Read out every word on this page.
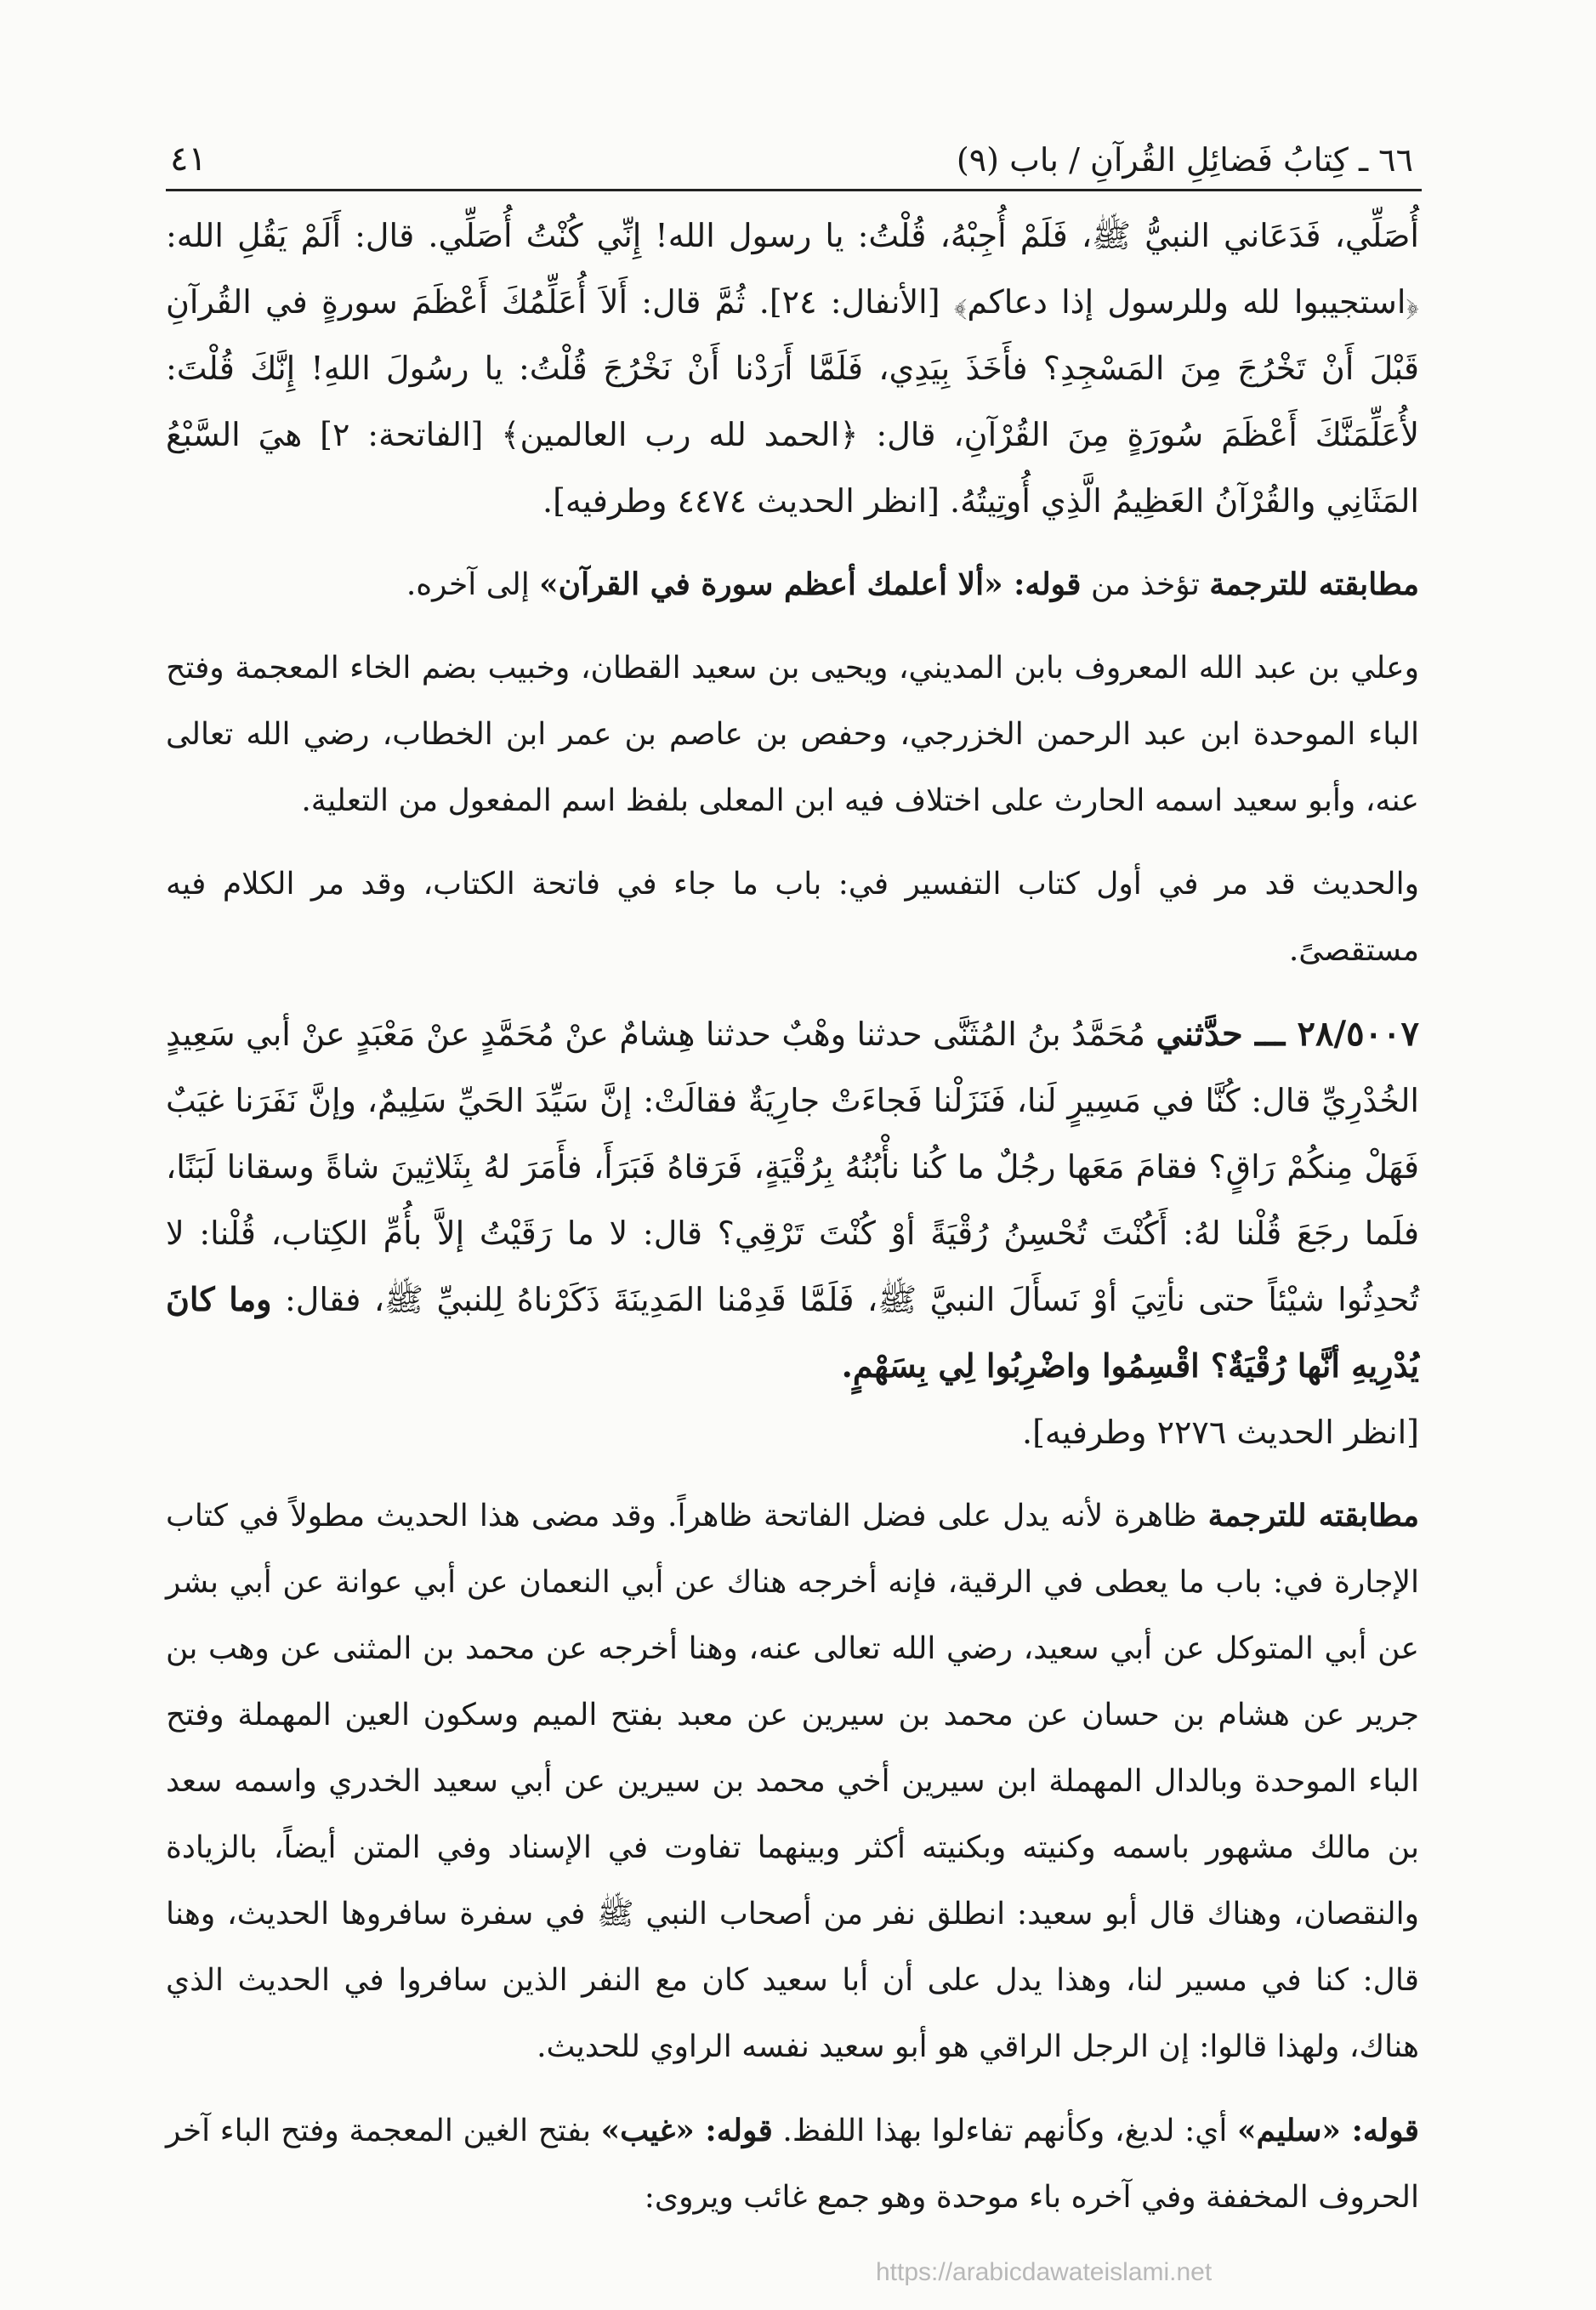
٦٦ ـ كِتابُ فَضائِلِ القُرآنِ / باب (٩)
٤١

أُصَلِّي، فَدَعَاني النبيُّ ﷺ، فَلَمْ أُجِبْهُ، قُلْتُ: يا رسول الله! إِنِّي كُنْتُ أُصَلِّي. قال: أَلَمْ يَقُلِ الله: ﴿استجيبوا لله وللرسول إذا دعاكم﴾ [الأنفال: ٢٤]. ثُمَّ قال: أَلاَ أُعَلِّمُكَ أَعْظَمَ سورةٍ في القُرآنِ قَبْلَ أَنْ تَخْرُجَ مِنَ المَسْجِدِ؟ فأَخَذَ بِيَدِي، فَلَمَّا أَرَدْنا أَنْ نَخْرُجَ قُلْتُ: يا رسُولَ اللهِ! إِنَّكَ قُلْتَ: لأُعَلِّمَنَّكَ أَعْظَمَ سُورَةٍ مِنَ القُرْآنِ، قال: ﴿الحمد لله رب العالمين﴾ [الفاتحة: ٢] هيَ السَّبْعُ المَثَانِي والقُرْآنُ العَظِيمُ الَّذِي أُوتِيتُهُ. [انظر الحديث ٤٤٧٤ وطرفيه].

مطابقته للترجمة تؤخذ من قوله: «ألا أعلمك أعظم سورة في القرآن» إلى آخره.

وعلي بن عبد الله المعروف بابن المديني، ويحيى بن سعيد القطان، وخبيب بضم الخاء المعجمة وفتح الباء الموحدة ابن عبد الرحمن الخزرجي، وحفص بن عاصم بن عمر ابن الخطاب، رضي الله تعالى عنه، وأبو سعيد اسمه الحارث على اختلاف فيه ابن المعلى بلفظ اسم المفعول من التعلية.

والحديث قد مر في أول كتاب التفسير في: باب ما جاء في فاتحة الكتاب، وقد مر الكلام فيه مستقصىً.

٢٨/٥٠٠٧ ـــ حدَّثني مُحَمَّدُ بنُ المُثَنَّى حدثنا وهْبٌ حدثنا هِشامٌ عنْ مُحَمَّدٍ عنْ مَعْبَدٍ عنْ أبي سَعِيدٍ الخُدْرِيِّ قال: كُنَّا في مَسِيرٍ لَنا، فَنَزَلْنا فَجاءَتْ جارِيَةٌ فقالَتْ: إنَّ سَيِّدَ الحَيِّ سَلِيمٌ، وإنَّ نَفَرَنا غيَبٌ فَهَلْ مِنكُمْ رَاقٍ؟ فقامَ مَعَها رجُلٌ ما كُنا نأْبُنُهُ بِرُقْيَةٍ، فَرَقاهُ فَبَرَأَ، فأَمَرَ لهُ بِثَلاثِينَ شاةً وسقانا لَبَنًا، فلَما رجَعَ قُلْنا لهُ: أَكُنْتَ تُحْسِنُ رُقْيَةً أوْ كُنْتَ تَرْقِي؟ قال: لا ما رَقَيْتُ إلاَّ بأُمِّ الكِتاب، قُلْنا: لا تُحدِثُوا شيْئاً حتى نأتِيَ أوْ نَسأَلَ النبيَّ ﷺ، فَلَمَّا قَدِمْنا المَدِينَةَ ذَكَرْناهُ لِلنبيِّ ﷺ، فقال: وما كانَ يُدْرِيهِ أنَّها رُقْيَةٌ؟ اقْسِمُوا واضْرِبُوا لِي بِسَهْمٍ.
[انظر الحديث ٢٢٧٦ وطرفيه].

مطابقته للترجمة ظاهرة لأنه يدل على فضل الفاتحة ظاهراً. وقد مضى هذا الحديث مطولاً في كتاب الإجارة في: باب ما يعطى في الرقية، فإنه أخرجه هناك عن أبي النعمان عن أبي عوانة عن أبي بشر عن أبي المتوكل عن أبي سعيد، رضي الله تعالى عنه، وهنا أخرجه عن محمد بن المثنى عن وهب بن جرير عن هشام بن حسان عن محمد بن سيرين عن معبد بفتح الميم وسكون العين المهملة وفتح الباء الموحدة وبالدال المهملة ابن سيرين أخي محمد بن سيرين عن أبي سعيد الخدري واسمه سعد بن مالك مشهور باسمه وكنيته وبكنيته أكثر وبينهما تفاوت في الإسناد وفي المتن أيضاً، بالزيادة والنقصان، وهناك قال أبو سعيد: انطلق نفر من أصحاب النبي ﷺ في سفرة سافروها الحديث، وهنا قال: كنا في مسير لنا، وهذا يدل على أن أبا سعيد كان مع النفر الذين سافروا في الحديث الذي هناك، ولهذا قالوا: إن الرجل الراقي هو أبو سعيد نفسه الراوي للحديث.

قوله: «سليم» أي: لديغ، وكأنهم تفاءلوا بهذا اللفظ. قوله: «غيب» بفتح الغين المعجمة وفتح الباء آخر الحروف المخففة وفي آخره باء موحدة وهو جمع غائب ويروى:

https://arabicdawateislami.net
